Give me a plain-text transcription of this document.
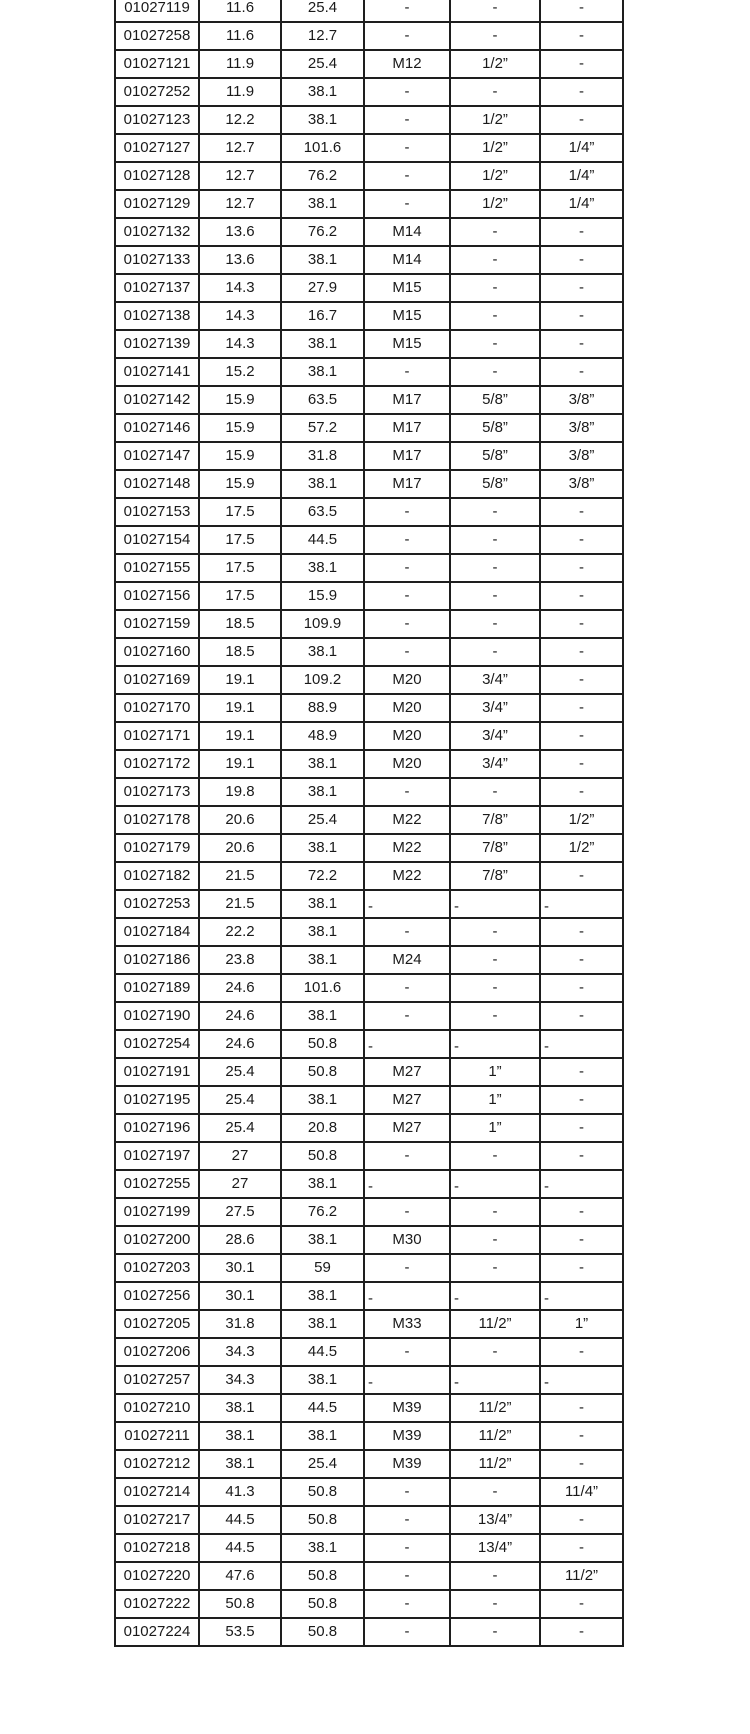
01027119	11.6	25.4	-	-	-
01027258	11.6	12.7	-	-	-
01027121	11.9	25.4	M12	1/2”	-
01027252	11.9	38.1	-	-	-
01027123	12.2	38.1	-	1/2”	-
01027127	12.7	101.6	-	1/2”	1/4”
01027128	12.7	76.2	-	1/2”	1/4”
01027129	12.7	38.1	-	1/2”	1/4”
01027132	13.6	76.2	M14	-	-
01027133	13.6	38.1	M14	-	-
01027137	14.3	27.9	M15	-	-
01027138	14.3	16.7	M15	-	-
01027139	14.3	38.1	M15	-	-
01027141	15.2	38.1	-	-	-
01027142	15.9	63.5	M17	5/8”	3/8”
01027146	15.9	57.2	M17	5/8”	3/8”
01027147	15.9	31.8	M17	5/8”	3/8”
01027148	15.9	38.1	M17	5/8”	3/8”
01027153	17.5	63.5	-	-	-
01027154	17.5	44.5	-	-	-
01027155	17.5	38.1	-	-	-
01027156	17.5	15.9	-	-	-
01027159	18.5	109.9	-	-	-
01027160	18.5	38.1	-	-	-
01027169	19.1	109.2	M20	3/4”	-
01027170	19.1	88.9	M20	3/4”	-
01027171	19.1	48.9	M20	3/4”	-
01027172	19.1	38.1	M20	3/4”	-
01027173	19.8	38.1	-	-	-
01027178	20.6	25.4	M22	7/8”	1/2”
01027179	20.6	38.1	M22	7/8”	1/2”
01027182	21.5	72.2	M22	7/8”	-
01027253	21.5	38.1	-	-	-
01027184	22.2	38.1	-	-	-
01027186	23.8	38.1	M24	-	-
01027189	24.6	101.6	-	-	-
01027190	24.6	38.1	-	-	-
01027254	24.6	50.8	-	-	-
01027191	25.4	50.8	M27	1”	-
01027195	25.4	38.1	M27	1”	-
01027196	25.4	20.8	M27	1”	-
01027197	27	50.8	-	-	-
01027255	27	38.1	-	-	-
01027199	27.5	76.2	-	-	-
01027200	28.6	38.1	M30	-	-
01027203	30.1	59	-	-	-
01027256	30.1	38.1	-	-	-
01027205	31.8	38.1	M33	11/2”	1”
01027206	34.3	44.5	-	-	-
01027257	34.3	38.1	-	-	-
01027210	38.1	44.5	M39	11/2”	-
01027211	38.1	38.1	M39	11/2”	-
01027212	38.1	25.4	M39	11/2”	-
01027214	41.3	50.8	-	-	11/4”
01027217	44.5	50.8	-	13/4”	-
01027218	44.5	38.1	-	13/4”	-
01027220	47.6	50.8	-	-	11/2”
01027222	50.8	50.8	-	-	-
01027224	53.5	50.8	-	-	-
